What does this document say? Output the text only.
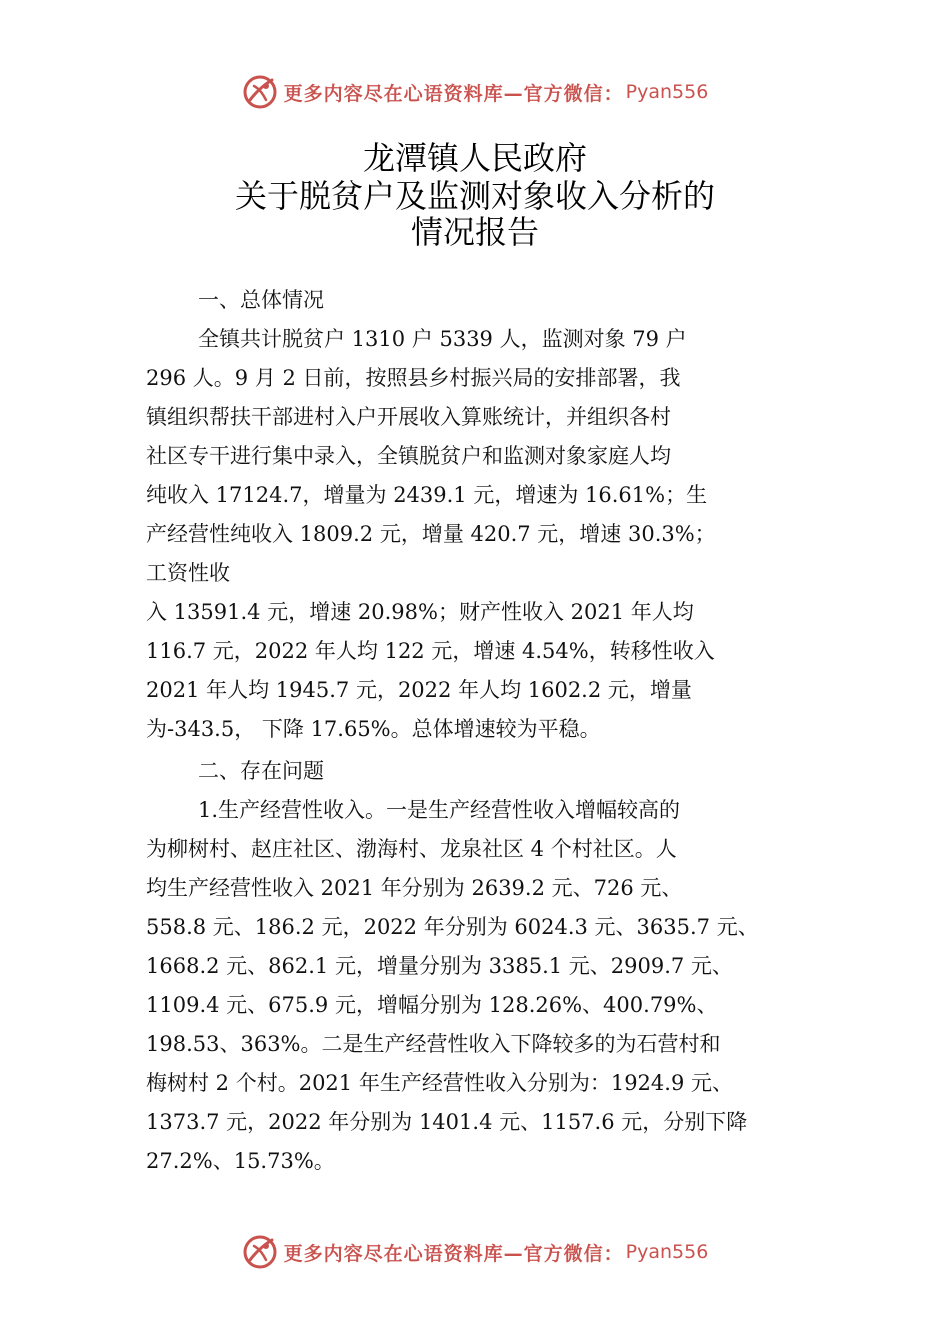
更多内容尽在心语资料库—官方微信： Pyan556
龙潭镇人民政府
关于脱贫户及监测对象收入分析的
情况报告
一、总体情况
全镇共计脱贫户 1310 户 5339 人，监测对象 79 户
296 人。9 月 2 日前，按照县乡村振兴局的安排部署，我
镇组织帮扶干部进村入户开展收入算账统计，并组织各村
社区专干进行集中录入，全镇脱贫户和监测对象家庭人均
纯收入 17124.7，增量为 2439.1 元，增速为 16.61%；生
产经营性纯收入 1809.2 元，增量 420.7 元，增速 30.3%；
工资性收
入 13591.4 元，增速 20.98%；财产性收入 2021 年人均
116.7 元，2022 年人均 122 元，增速 4.54%，转移性收入
2021 年人均 1945.7 元，2022 年人均 1602.2 元，增量
为-343.5， 下降 17.65%。总体增速较为平稳。
二、存在问题
1.生产经营性收入。一是生产经营性收入增幅较高的
为柳树村、赵庄社区、渤海村、龙泉社区 4 个村社区。人
均生产经营性收入 2021 年分别为 2639.2 元、726 元、
558.8 元、186.2 元，2022 年分别为 6024.3 元、3635.7 元、
1668.2 元、862.1 元，增量分别为 3385.1 元、2909.7 元、
1109.4 元、675.9 元，增幅分别为 128.26%、400.79%、
198.53、363%。二是生产经营性收入下降较多的为石营村和
梅树村 2 个村。2021 年生产经营性收入分别为：1924.9 元、
1373.7 元，2022 年分别为 1401.4 元、1157.6 元，分别下降
27.2%、15.73%。
更多内容尽在心语资料库—官方微信： Pyan556
